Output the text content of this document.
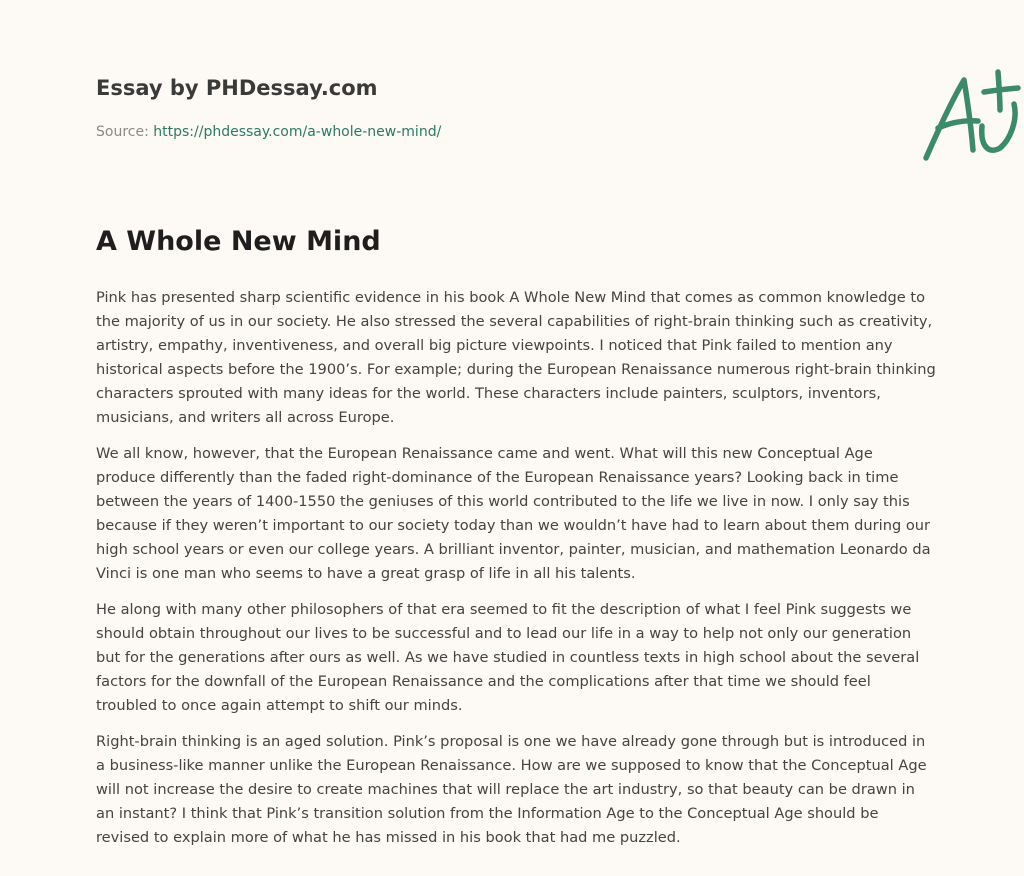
Essay by PHDessay.com
Source: https://phdessay.com/a-whole-new-mind/
A Whole New Mind

Pink has presented sharp scientific evidence in his book A Whole New Mind that comes as common knowledge to the majority of us in our society. He also stressed the several capabilities of right-brain thinking such as creativity, artistry, empathy, inventiveness, and overall big picture viewpoints. I noticed that Pink failed to mention any historical aspects before the 1900’s. For example; during the European Renaissance numerous right-brain thinking characters sprouted with many ideas for the world. These characters include painters, sculptors, inventors, musicians, and writers all across Europe.

We all know, however, that the European Renaissance came and went. What will this new Conceptual Age produce differently than the faded right-dominance of the European Renaissance years? Looking back in time between the years of 1400-1550 the geniuses of this world contributed to the life we live in now. I only say this because if they weren’t important to our society today than we wouldn’t have had to learn about them during our high school years or even our college years. A brilliant inventor, painter, musician, and mathemation Leonardo da Vinci is one man who seems to have a great grasp of life in all his talents.

He along with many other philosophers of that era seemed to fit the description of what I feel Pink suggests we should obtain throughout our lives to be successful and to lead our life in a way to help not only our generation but for the generations after ours as well. As we have studied in countless texts in high school about the several factors for the downfall of the European Renaissance and the complications after that time we should feel troubled to once again attempt to shift our minds.

Right-brain thinking is an aged solution. Pink’s proposal is one we have already gone through but is introduced in a business-like manner unlike the European Renaissance. How are we supposed to know that the Conceptual Age will not increase the desire to create machines that will replace the art industry, so that beauty can be drawn in an instant? I think that Pink’s transition solution from the Information Age to the Conceptual Age should be revised to explain more of what he has missed in his book that had me puzzled.
